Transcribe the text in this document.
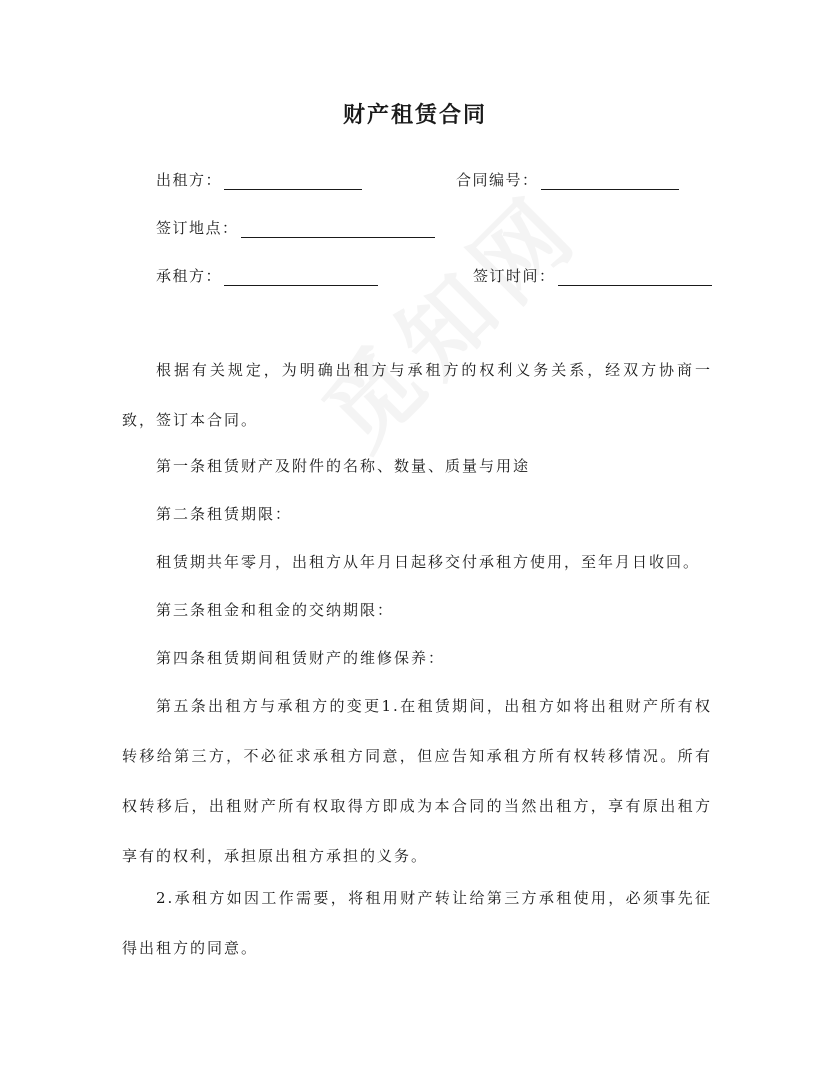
财产租赁合同
出租方：	合同编号：
签订地点：
承租方：	签订时间：

根据有关规定，为明确出租方与承租方的权利义务关系，经双方协商一致，签订本合同。

第一条租赁财产及附件的名称、数量、质量与用途

第二条租赁期限：

租赁期共年零月，出租方从年月日起移交付承租方使用，至年月日收回。

第三条租金和租金的交纳期限：

第四条租赁期间租赁财产的维修保养：

第五条出租方与承租方的变更1.在租赁期间，出租方如将出租财产所有权转移给第三方，不必征求承租方同意，但应告知承租方所有权转移情况。所有权转移后，出租财产所有权取得方即成为本合同的当然出租方，享有原出租方享有的权利，承担原出租方承担的义务。

2.承租方如因工作需要，将租用财产转让给第三方承租使用，必须事先征得出租方的同意。
